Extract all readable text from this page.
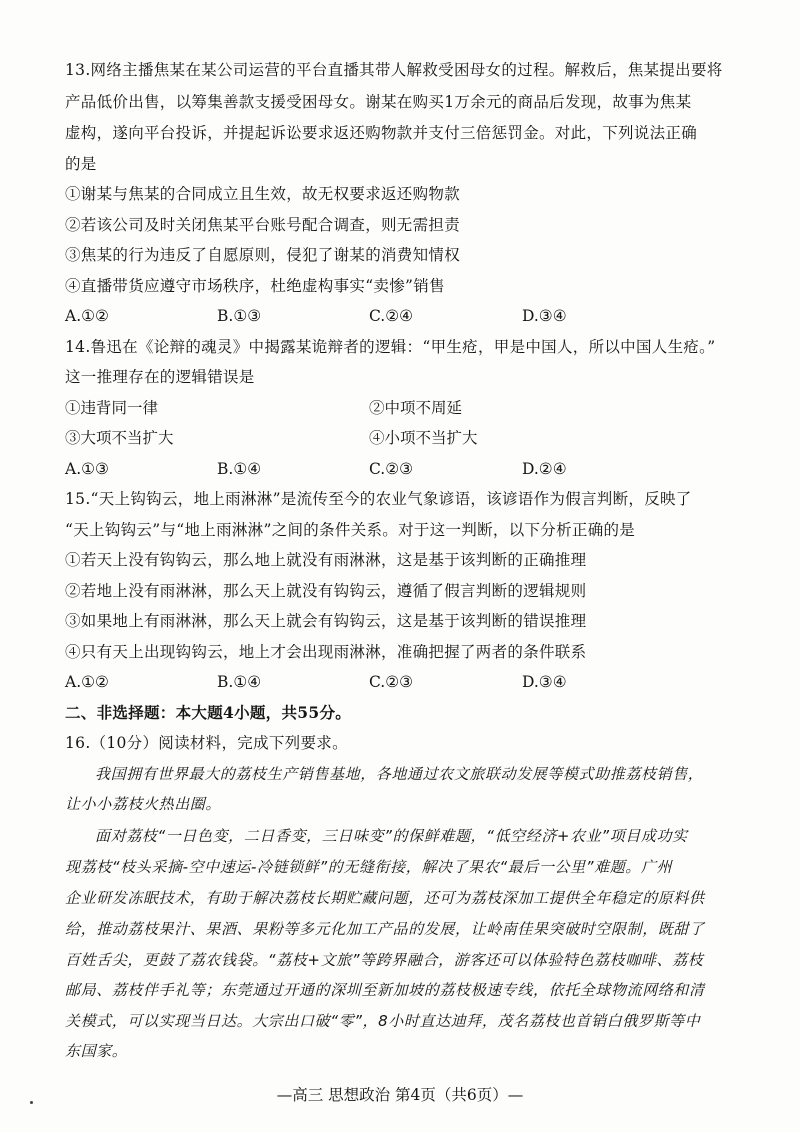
13.网络主播焦某在某公司运营的平台直播其带人解救受困母女的过程。解救后，焦某提出要将
产品低价出售，以筹集善款支援受困母女。谢某在购买1万余元的商品后发现，故事为焦某
虚构，遂向平台投诉，并提起诉讼要求返还购物款并支付三倍惩罚金。对此，下列说法正确
的是
①谢某与焦某的合同成立且生效，故无权要求返还购物款
②若该公司及时关闭焦某平台账号配合调查，则无需担责
③焦某的行为违反了自愿原则，侵犯了谢某的消费知情权
④直播带货应遵守市场秩序，杜绝虚构事实“卖惨”销售
A.①②	B.①③	C.②④	D.③④
14.鲁迅在《论辩的魂灵》中揭露某诡辩者的逻辑：“甲生疮，甲是中国人，所以中国人生疮。”
这一推理存在的逻辑错误是
①违背同一律	②中项不周延
③大项不当扩大	④小项不当扩大
A.①③	B.①④	C.②③	D.②④
15.“天上钩钩云，地上雨淋淋”是流传至今的农业气象谚语，该谚语作为假言判断，反映了
“天上钩钩云”与“地上雨淋淋”之间的条件关系。对于这一判断，以下分析正确的是
①若天上没有钩钩云，那么地上就没有雨淋淋，这是基于该判断的正确推理
②若地上没有雨淋淋，那么天上就没有钩钩云，遵循了假言判断的逻辑规则
③如果地上有雨淋淋，那么天上就会有钩钩云，这是基于该判断的错误推理
④只有天上出现钩钩云，地上才会出现雨淋淋，准确把握了两者的条件联系
A.①②	B.①④	C.②③	D.③④
二、非选择题：本大题4小题，共55分。
16.（10分）阅读材料，完成下列要求。
我国拥有世界最大的荔枝生产销售基地，各地通过农文旅联动发展等模式助推荔枝销售，
让小小荔枝火热出圈。
面对荔枝“一日色变，二日香变，三日味变”的保鲜难题，“低空经济+农业”项目成功实
现荔枝“枝头采摘-空中速运-冷链锁鲜”的无缝衔接，解决了果农“最后一公里”难题。广州
企业研发冻眠技术，有助于解决荔枝长期贮藏问题，还可为荔枝深加工提供全年稳定的原料供
给，推动荔枝果汁、果酒、果粉等多元化加工产品的发展，让岭南佳果突破时空限制，既甜了
百姓舌尖，更鼓了荔农钱袋。“荔枝+文旅”等跨界融合，游客还可以体验特色荔枝咖啡、荔枝
邮局、荔枝伴手礼等；东莞通过开通的深圳至新加坡的荔枝极速专线，依托全球物流网络和清
关模式，可以实现当日达。大宗出口破“零”，8小时直达迪拜，茂名荔枝也首销白俄罗斯等中
东国家。
—高三 思想政治 第4页（共6页）—
